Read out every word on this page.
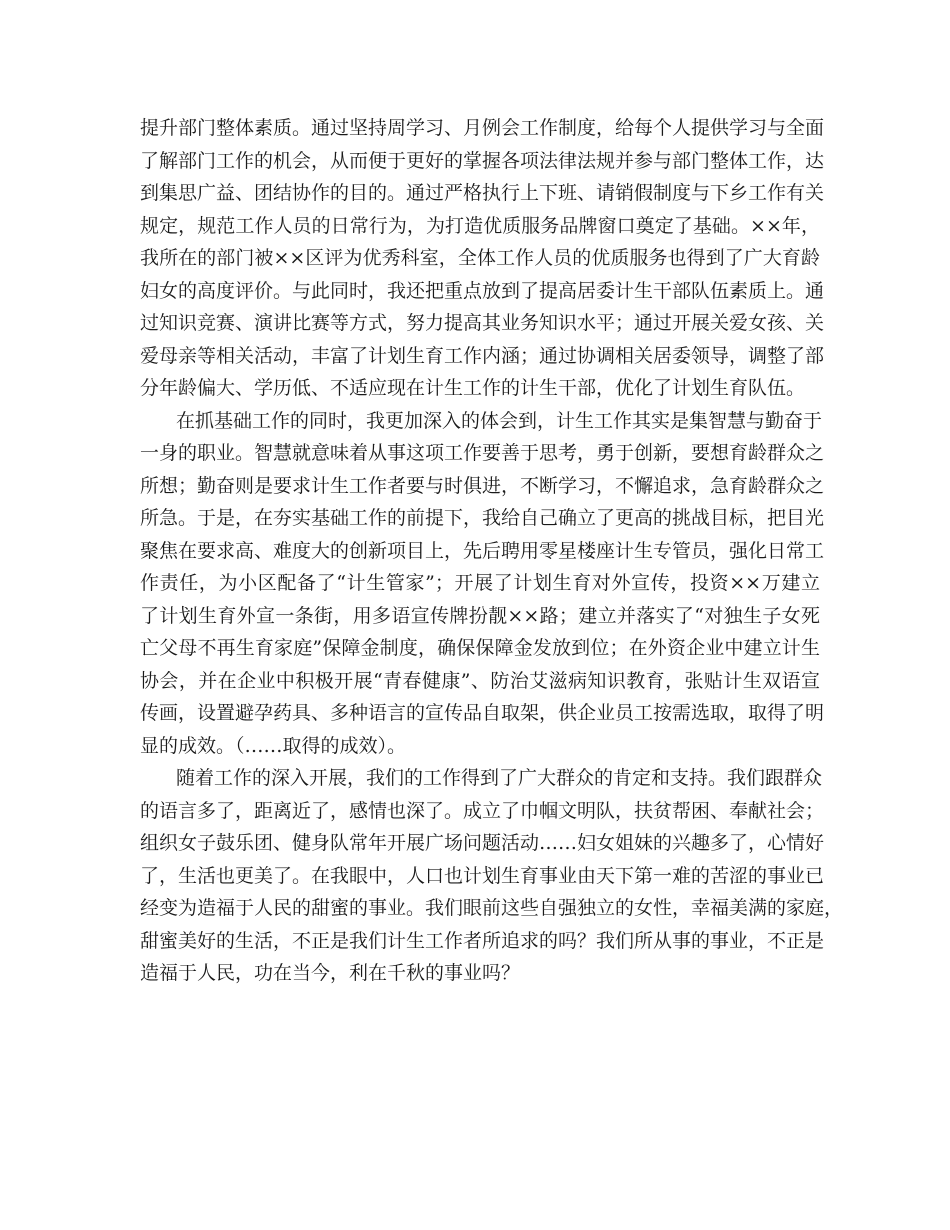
提升部门整体素质。通过坚持周学习、月例会工作制度，给每个人提供学习与全面
了解部门工作的机会，从而便于更好的掌握各项法律法规并参与部门整体工作，达
到集思广益、团结协作的目的。通过严格执行上下班、请销假制度与下乡工作有关
规定，规范工作人员的日常行为，为打造优质服务品牌窗口奠定了基础。××年，
我所在的部门被××区评为优秀科室，全体工作人员的优质服务也得到了广大育龄
妇女的高度评价。与此同时，我还把重点放到了提高居委计生干部队伍素质上。通
过知识竞赛、演讲比赛等方式，努力提高其业务知识水平；通过开展关爱女孩、关
爱母亲等相关活动，丰富了计划生育工作内涵；通过协调相关居委领导，调整了部
分年龄偏大、学历低、不适应现在计生工作的计生干部，优化了计划生育队伍。
在抓基础工作的同时，我更加深入的体会到，计生工作其实是集智慧与勤奋于
一身的职业。智慧就意味着从事这项工作要善于思考，勇于创新，要想育龄群众之
所想；勤奋则是要求计生工作者要与时俱进，不断学习，不懈追求，急育龄群众之
所急。于是，在夯实基础工作的前提下，我给自己确立了更高的挑战目标，把目光
聚焦在要求高、难度大的创新项目上，先后聘用零星楼座计生专管员，强化日常工
作责任，为小区配备了“计生管家”；开展了计划生育对外宣传，投资××万建立
了计划生育外宣一条街，用多语宣传牌扮靓××路；建立并落实了“对独生子女死
亡父母不再生育家庭”保障金制度，确保保障金发放到位；在外资企业中建立计生
协会，并在企业中积极开展“青春健康”、防治艾滋病知识教育，张贴计生双语宣
传画，设置避孕药具、多种语言的宣传品自取架，供企业员工按需选取，取得了明
显的成效。（……取得的成效）。
随着工作的深入开展，我们的工作得到了广大群众的肯定和支持。我们跟群众
的语言多了，距离近了，感情也深了。成立了巾帼文明队，扶贫帮困、奉献社会；
组织女子鼓乐团、健身队常年开展广场问题活动……妇女姐妹的兴趣多了，心情好
了，生活也更美了。在我眼中，人口也计划生育事业由天下第一难的苦涩的事业已
经变为造福于人民的甜蜜的事业。我们眼前这些自强独立的女性，幸福美满的家庭，
甜蜜美好的生活，不正是我们计生工作者所追求的吗？我们所从事的事业，不正是
造福于人民，功在当今，利在千秋的事业吗？
